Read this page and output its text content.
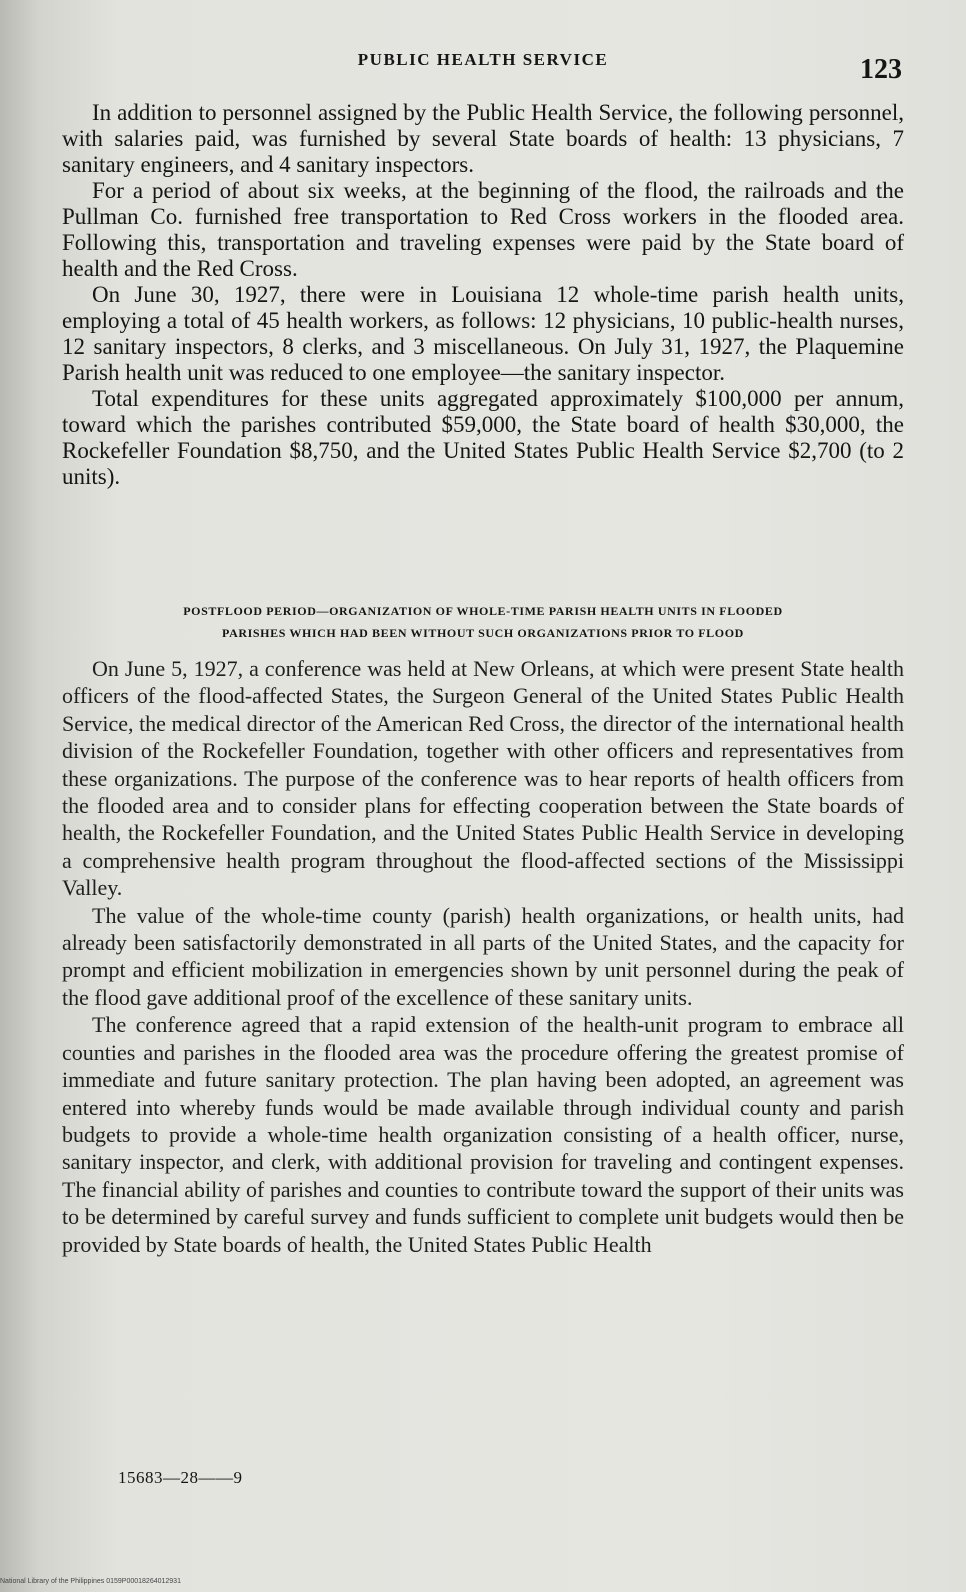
PUBLIC HEALTH SERVICE	123

In addition to personnel assigned by the Public Health Service, the following personnel, with salaries paid, was furnished by several State boards of health: 13 physicians, 7 sanitary engineers, and 4 sanitary inspectors.

For a period of about six weeks, at the beginning of the flood, the railroads and the Pullman Co. furnished free transportation to Red Cross workers in the flooded area. Following this, transportation and traveling expenses were paid by the State board of health and the Red Cross.

On June 30, 1927, there were in Louisiana 12 whole-time parish health units, employing a total of 45 health workers, as follows: 12 physicians, 10 public-health nurses, 12 sanitary inspectors, 8 clerks, and 3 miscellaneous. On July 31, 1927, the Plaquemine Parish health unit was reduced to one employee—the sanitary inspector.

Total expenditures for these units aggregated approximately $100,000 per annum, toward which the parishes contributed $59,000, the State board of health $30,000, the Rockefeller Foundation $8,750, and the United States Public Health Service $2,700 (to 2 units).

POSTFLOOD PERIOD—ORGANIZATION OF WHOLE-TIME PARISH HEALTH UNITS IN FLOODED
PARISHES WHICH HAD BEEN WITHOUT SUCH ORGANIZATIONS PRIOR TO FLOOD

On June 5, 1927, a conference was held at New Orleans, at which were present State health officers of the flood-affected States, the Surgeon General of the United States Public Health Service, the medical director of the American Red Cross, the director of the international health division of the Rockefeller Foundation, together with other officers and representatives from these organizations. The purpose of the conference was to hear reports of health officers from the flooded area and to consider plans for effecting cooperation between the State boards of health, the Rockefeller Foundation, and the United States Public Health Service in developing a comprehensive health program throughout the flood-affected sections of the Mississippi Valley.

The value of the whole-time county (parish) health organizations, or health units, had already been satisfactorily demonstrated in all parts of the United States, and the capacity for prompt and efficient mobilization in emergencies shown by unit personnel during the peak of the flood gave additional proof of the excellence of these sanitary units.

The conference agreed that a rapid extension of the health-unit program to embrace all counties and parishes in the flooded area was the procedure offering the greatest promise of immediate and future sanitary protection. The plan having been adopted, an agreement was entered into whereby funds would be made available through individual county and parish budgets to provide a whole-time health organization consisting of a health officer, nurse, sanitary inspector, and clerk, with additional provision for traveling and contingent expenses. The financial ability of parishes and counties to contribute toward the support of their units was to be determined by careful survey and funds sufficient to complete unit budgets would then be provided by State boards of health, the United States Public Health

15683—28——9
National Library of the Philippines 0159P00018264012931
